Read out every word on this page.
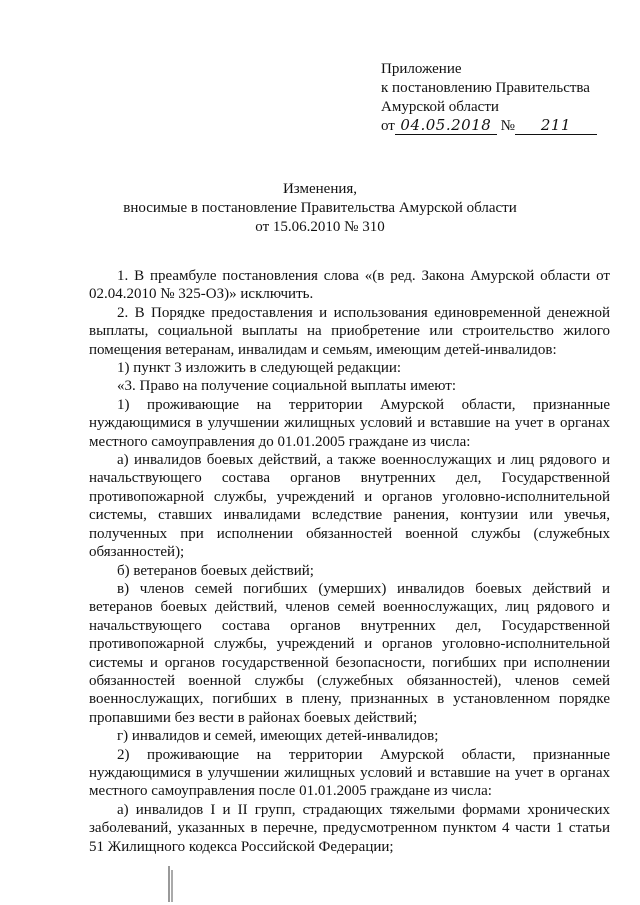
Приложение
к постановлению Правительства
Амурской области
от 04.05.2018 № 211
Изменения,
вносимые в постановление Правительства Амурской области
от 15.06.2010 № 310

1. В преамбуле постановления слова «(в ред. Закона Амурской области от 02.04.2010 № 325-ОЗ)» исключить.

2. В Порядке предоставления и использования единовременной денежной выплаты, социальной выплаты на приобретение или строительство жилого помещения ветеранам, инвалидам и семьям, имеющим детей-инвалидов:

1) пункт 3 изложить в следующей редакции:

«3. Право на получение социальной выплаты имеют:

1) проживающие на территории Амурской области, признанные нуждающимися в улучшении жилищных условий и вставшие на учет в органах местного самоуправления до 01.01.2005 граждане из числа:

а) инвалидов боевых действий, а также военнослужащих и лиц рядового и начальствующего состава органов внутренних дел, Государственной противопожарной службы, учреждений и органов уголовно-исполнительной системы, ставших инвалидами вследствие ранения, контузии или увечья, полученных при исполнении обязанностей военной службы (служебных обязанностей);

б) ветеранов боевых действий;

в) членов семей погибших (умерших) инвалидов боевых действий и ветеранов боевых действий, членов семей военнослужащих, лиц рядового и начальствующего состава органов внутренних дел, Государственной противопожарной службы, учреждений и органов уголовно-исполнительной системы и органов государственной безопасности, погибших при исполнении обязанностей военной службы (служебных обязанностей), членов семей военнослужащих, погибших в плену, признанных в установленном порядке пропавшими без вести в районах боевых действий;

г) инвалидов и семей, имеющих детей-инвалидов;

2) проживающие на территории Амурской области, признанные нуждающимися в улучшении жилищных условий и вставшие на учет в органах местного самоуправления после 01.01.2005 граждане из числа:

а) инвалидов I и II групп, страдающих тяжелыми формами хронических заболеваний, указанных в перечне, предусмотренном пунктом 4 части 1 статьи 51 Жилищного кодекса Российской Федерации;
